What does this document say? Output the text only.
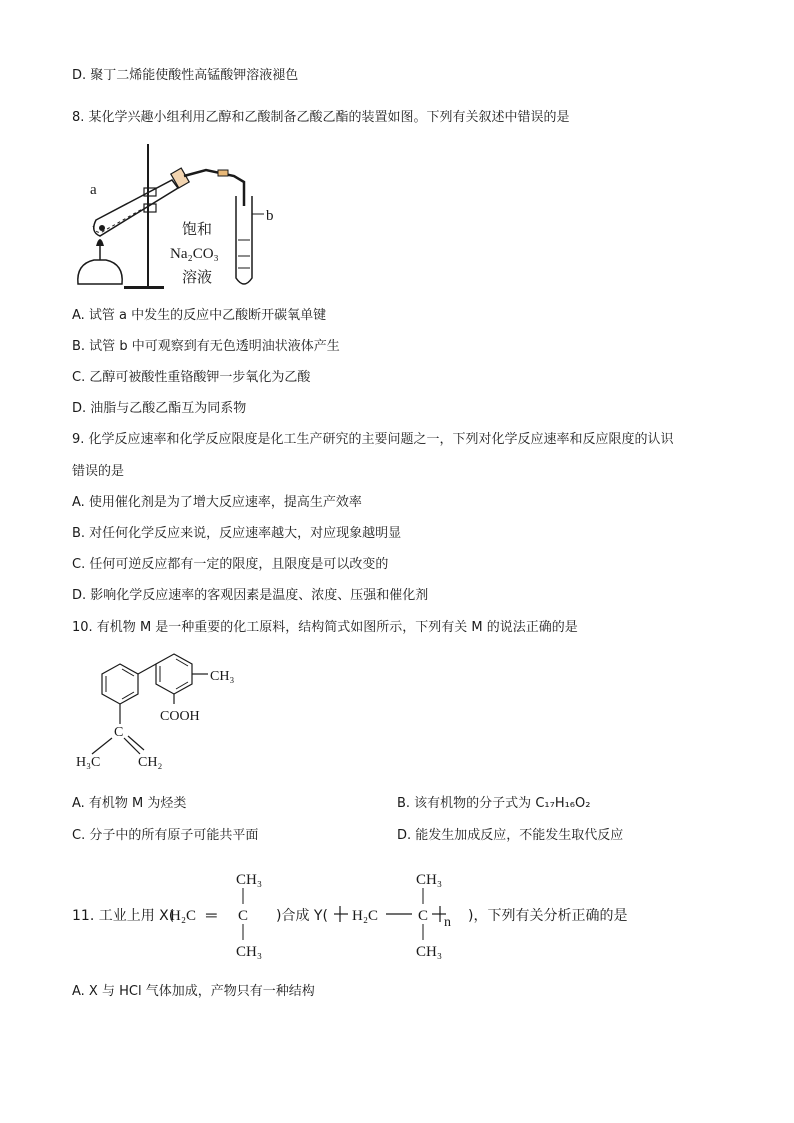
D. 聚丁二烯能使酸性高锰酸钾溶液褪色
8. 某化学兴趣小组利用乙醇和乙酸制备乙酸乙酯的装置如图。下列有关叙述中错误的是
a
b
饱和
Na₂CO₃
溶液
A. 试管 a 中发生的反应中乙酸断开碳氧单键
B. 试管 b 中可观察到有无色透明油状液体产生
C. 乙醇可被酸性重铬酸钾一步氧化为乙酸
D. 油脂与乙酸乙酯互为同系物
9. 化学反应速率和化学反应限度是化工生产研究的主要问题之一，下列对化学反应速率和反应限度的认识
错误的是
A. 使用催化剂是为了增大反应速率，提高生产效率
B. 对任何化学反应来说，反应速率越大，对应现象越明显
C. 任何可逆反应都有一定的限度，且限度是可以改变的
D. 影响化学反应速率的客观因素是温度、浓度、压强和催化剂
10. 有机物 M 是一种重要的化工原料，结构简式如图所示，下列有关 M 的说法正确的是
CH₃
COOH
C
H₃C	CH₂
A. 有机物 M 为烃类	B. 该有机物的分子式为 C₁₇H₁₆O₂
C. 分子中的所有原子可能共平面	D. 能发生加成反应，不能发生取代反应
11. 工业上用 X(
H₂C ═ C
CH₃
CH₃
)合成 Y( H₂C	C
CH₃
CH₃
n )，下列有关分析正确的是
A. X 与 HCl 气体加成，产物只有一种结构
